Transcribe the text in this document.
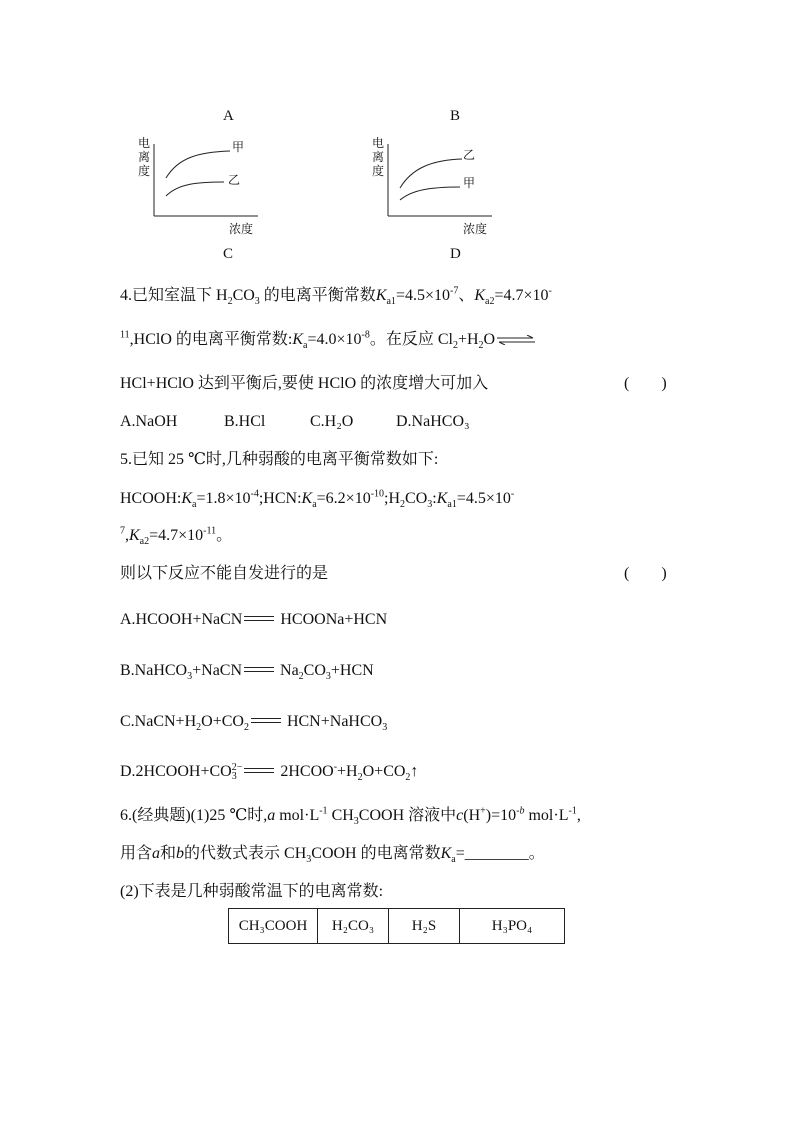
A	B
C	D
电离度
浓度
甲
乙
电离度
浓度
乙
甲
4.已知室温下 $H_2CO_3$ 的电离平衡常数$K_{a1}=4.5\times 10^{-7}$、$K_{a2}=4.7\times 10^-$
$^{11}$,HClO 的电离平衡常数$:K_a=4.0\times 10^{-8}$。在反应 $Cl_2+H_2O\rightleftharpoons$
HCl+HClO 达到平衡后,要使 HClO 的浓度增大可加入	(　　)
A.NaOH	B.HCl	C.H₂O	D.NaHCO₃
5.已知 25 ℃时,几种弱酸的电离平衡常数如下:
$HCOOH:K_a=1.8\times 10^{-4};HCN:K_a=6.2\times 10^{-10};H_2CO_3:K_{a1}=4.5\times 10^-$
$^7,K_{a2}=4.7\times 10^{-11}$。
则以下反应不能自发进行的是	(　　)
A.HCOOH+NaCN HCOONa+HCN
B.NaHCO$_3$+NaCN $Na_2CO_3+HCN$
$C.NaCN+H_2O+CO_2$ HCN+NaHCO$_3$
D.2HCOOH+CO 2−
3	$2HCOO^-+H_2O+CO_2↑$
6.(经典题)(1)25 ℃时,a $mol\cdot L^{-1}$ $CH_3COOH$ 溶液中$c(H^+)=10^{-b}$ $mol\cdot L^{-1}$,
用含a和b的代数式表示 $CH_3COOH$ 的电离常数$K_a=\_\_\_\_\_\_\_\_$。
(2)下表是几种弱酸常温下的电离常数:
CH₃COOH	H₂CO₃	H₂S	H₃PO₄
